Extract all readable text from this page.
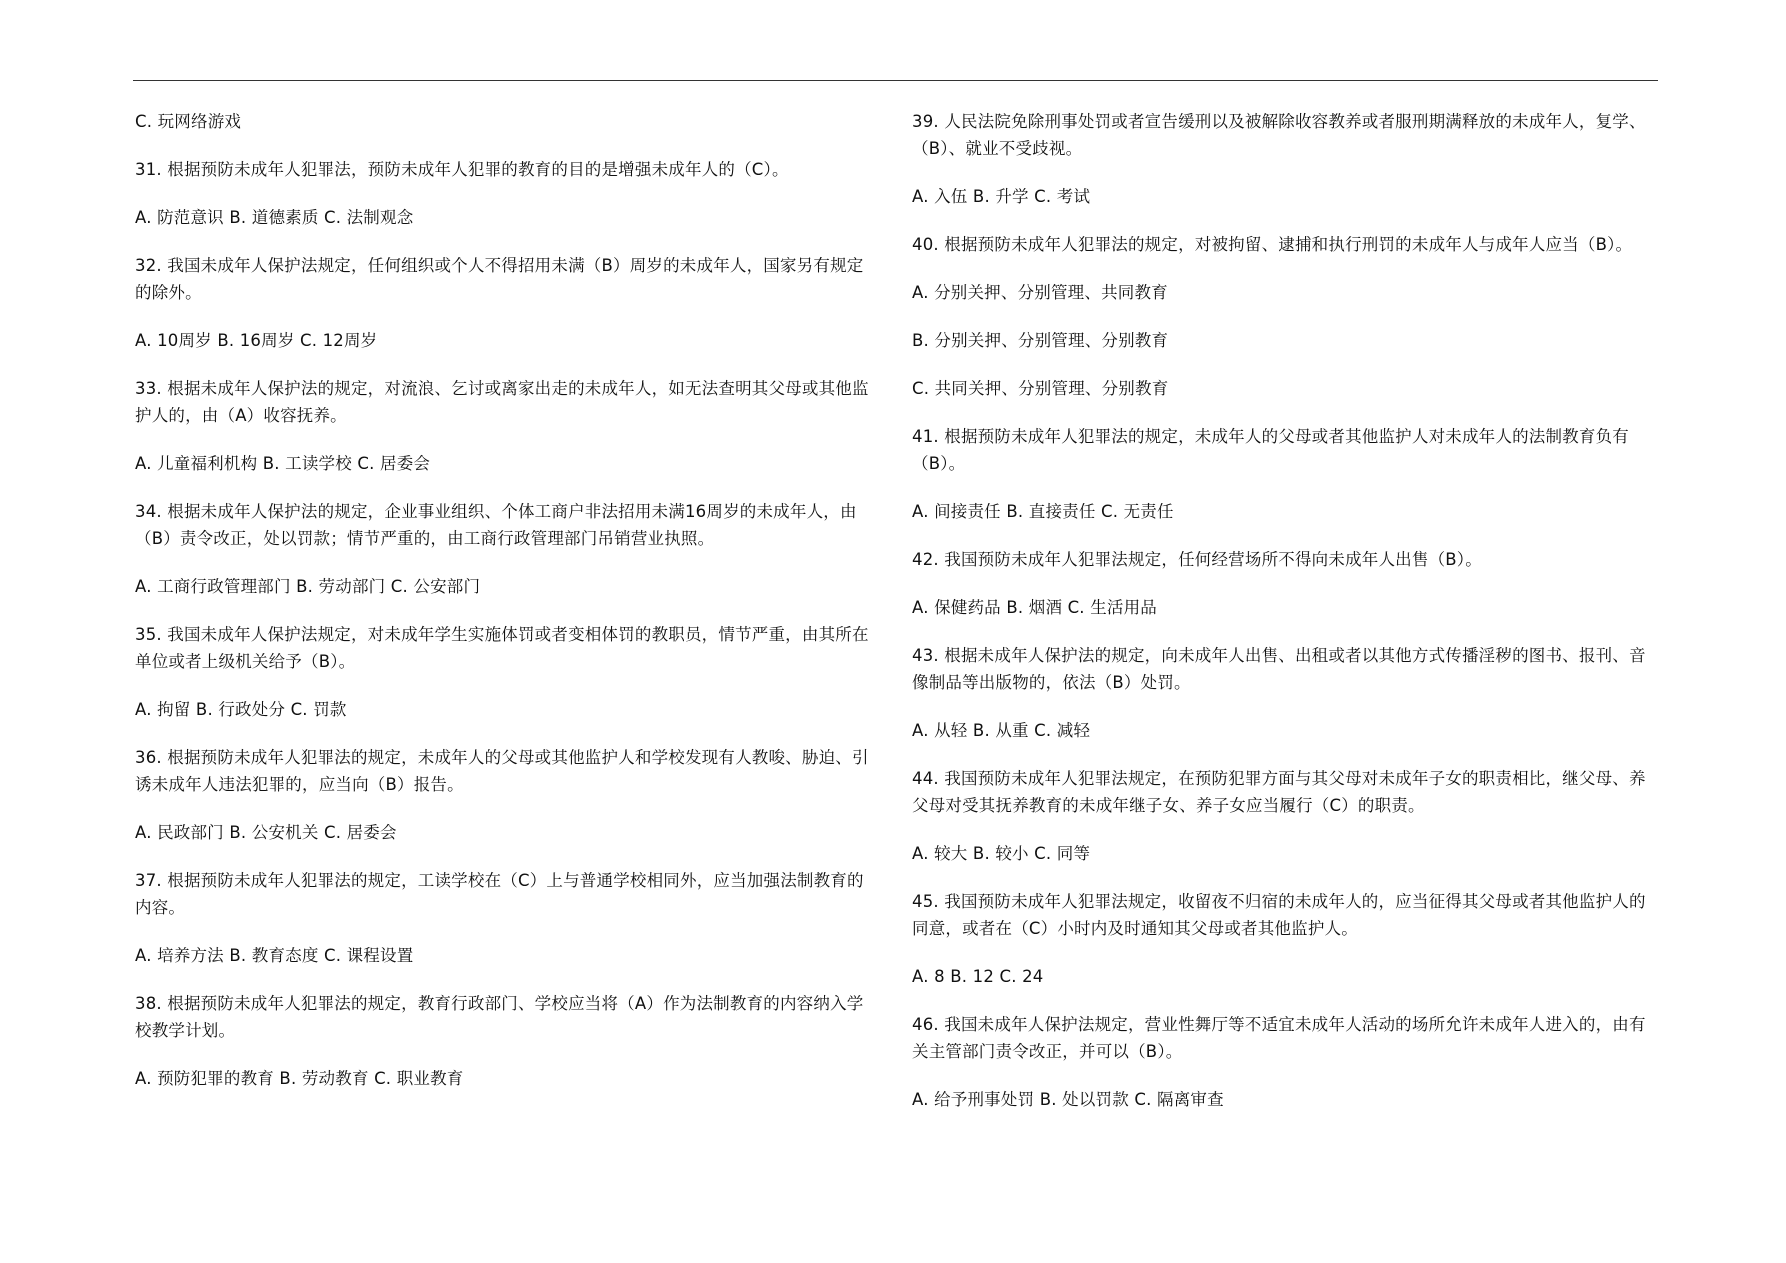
C. 玩网络游戏

31. 根据预防未成年人犯罪法，预防未成年人犯罪的教育的目的是增强未成年人的（C）。

A. 防范意识 B. 道德素质 C. 法制观念

32. 我国未成年人保护法规定，任何组织或个人不得招用未满（B）周岁的未成年人，国家另有规定的除外。

A. 10周岁 B. 16周岁 C. 12周岁

33. 根据未成年人保护法的规定，对流浪、乞讨或离家出走的未成年人，如无法查明其父母或其他监护人的，由（A）收容抚养。

A. 儿童福利机构 B. 工读学校 C. 居委会

34. 根据未成年人保护法的规定，企业事业组织、个体工商户非法招用未满16周岁的未成年人，由（B）责令改正，处以罚款；情节严重的，由工商行政管理部门吊销营业执照。

A. 工商行政管理部门 B. 劳动部门 C. 公安部门

35. 我国未成年人保护法规定，对未成年学生实施体罚或者变相体罚的教职员，情节严重，由其所在单位或者上级机关给予（B）。

A. 拘留 B. 行政处分 C. 罚款

36. 根据预防未成年人犯罪法的规定，未成年人的父母或其他监护人和学校发现有人教唆、胁迫、引诱未成年人违法犯罪的，应当向（B）报告。

A. 民政部门 B. 公安机关 C. 居委会

37. 根据预防未成年人犯罪法的规定，工读学校在（C）上与普通学校相同外，应当加强法制教育的内容。

A. 培养方法 B. 教育态度 C. 课程设置

38. 根据预防未成年人犯罪法的规定，教育行政部门、学校应当将（A）作为法制教育的内容纳入学校教学计划。

A. 预防犯罪的教育 B. 劳动教育 C. 职业教育

39. 人民法院免除刑事处罚或者宣告缓刑以及被解除收容教养或者服刑期满释放的未成年人，复学、（B）、就业不受歧视。

A. 入伍 B. 升学 C. 考试

40. 根据预防未成年人犯罪法的规定，对被拘留、逮捕和执行刑罚的未成年人与成年人应当（B）。

A. 分别关押、分别管理、共同教育

B. 分别关押、分别管理、分别教育

C. 共同关押、分别管理、分别教育

41. 根据预防未成年人犯罪法的规定，未成年人的父母或者其他监护人对未成年人的法制教育负有（B）。

A. 间接责任 B. 直接责任 C. 无责任

42. 我国预防未成年人犯罪法规定，任何经营场所不得向未成年人出售（B）。

A. 保健药品 B. 烟酒 C. 生活用品

43. 根据未成年人保护法的规定，向未成年人出售、出租或者以其他方式传播淫秽的图书、报刊、音像制品等出版物的，依法（B）处罚。

A. 从轻 B. 从重 C. 减轻

44. 我国预防未成年人犯罪法规定，在预防犯罪方面与其父母对未成年子女的职责相比，继父母、养父母对受其抚养教育的未成年继子女、养子女应当履行（C）的职责。

A. 较大 B. 较小 C. 同等

45. 我国预防未成年人犯罪法规定，收留夜不归宿的未成年人的，应当征得其父母或者其他监护人的同意，或者在（C）小时内及时通知其父母或者其他监护人。

A. 8 B. 12 C. 24

46. 我国未成年人保护法规定，营业性舞厅等不适宜未成年人活动的场所允许未成年人进入的，由有关主管部门责令改正，并可以（B）。

A. 给予刑事处罚 B. 处以罚款 C. 隔离审查
